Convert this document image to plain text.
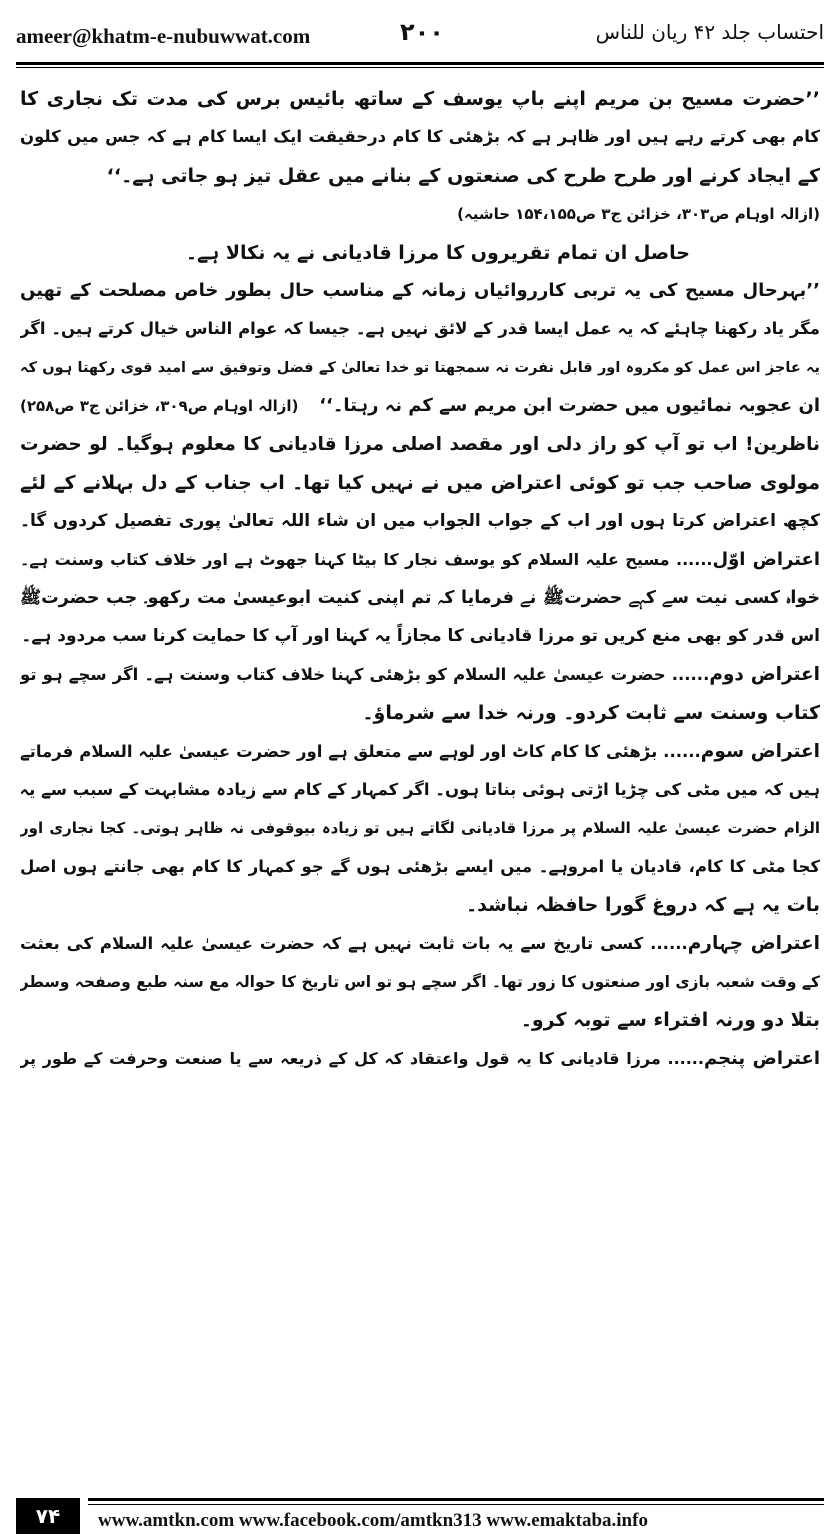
ameer@khatm-e-nubuwwat.com	۲۰۰	احتساب جلد ۴۲ ریان للناس
’’حضرت مسیح بن مریم اپنے باپ یوسف کے ساتھ بائیس برس کی مدت تک نجاری کا
کام بھی کرتے رہے ہیں اور ظاہر ہے کہ بڑھئی کا کام درحقیقت ایک ایسا کام ہے کہ جس میں کلون
کے ایجاد کرنے اور طرح طرح کی صنعتوں کے بنانے میں عقل تیز ہو جاتی ہے۔‘‘
(ازالہ اوہام ص۳۰۳، خزائن ج۳ ص۱۵۴،۱۵۵ حاشیہ)
حاصل ان تمام تقریروں کا مرزا قادیانی نے یہ نکالا ہے۔
’’بہرحال مسیح کی یہ تربی کارروائیاں زمانہ کے مناسب حال بطور خاص مصلحت کے تھیں
مگر یاد رکھنا چاہئے کہ یہ عمل ایسا قدر کے لائق نہیں ہے۔ جیسا کہ عوام الناس خیال کرتے ہیں۔ اگر
یہ عاجز اس عمل کو مکروہ اور قابل نفرت نہ سمجھتا تو خدا تعالیٰ کے فضل وتوفیق سے امید قوی رکھتا ہوں کہ
ان عجوبہ نمائیوں میں حضرت ابن مریم سے کم نہ رہتا۔‘‘
(ازالہ اوہام ص۳۰۹، خزائن ج۳ ص۲۵۸)
ناظرین! اب تو آپ کو راز دلی اور مقصد اصلی مرزا قادیانی کا معلوم ہوگیا۔ لو حضرت
مولوی صاحب جب تو کوئی اعتراض میں نے نہیں کیا تھا۔ اب جناب کے دل بہلانے کے لئے
کچھ اعتراض کرتا ہوں اور اب کے جواب الجواب میں ان شاء اللہ تعالیٰ پوری تفصیل کردوں گا۔
اعتراض اوّل...... مسیح علیہ السلام کو یوسف نجار کا بیٹا کہنا جھوٹ ہے اور خلاف کتاب وسنت ہے۔
خواہ کسی نیت سے کہے حضرتﷺ نے فرمایا کہ تم اپنی کنیت ابوعیسیٰ مت رکھو۔ جب حضرتﷺ
اس قدر کو بھی منع کریں تو مرزا قادیانی کا مجازاً یہ کہنا اور آپ کا حمایت کرنا سب مردود ہے۔
اعتراض دوم...... حضرت عیسیٰ علیہ السلام کو بڑھئی کہنا خلاف کتاب وسنت ہے۔ اگر سچے ہو تو
کتاب وسنت سے ثابت کردو۔ ورنہ خدا سے شرماؤ۔
اعتراض سوم...... بڑھئی کا کام کاٹ اور لوہے سے متعلق ہے اور حضرت عیسیٰ علیہ السلام فرماتے
ہیں کہ میں مٹی کی چڑیا اڑتی ہوئی بناتا ہوں۔ اگر کمہار کے کام سے زیادہ مشابہت کے سبب سے یہ
الزام حضرت عیسیٰ علیہ السلام پر مرزا قادیانی لگاتے ہیں تو زیادہ بیوقوفی نہ ظاہر ہوتی۔ کجا نجاری اور
کجا مٹی کا کام، قادیان یا امروہے۔ میں ایسے بڑھئی ہوں گے جو کمہار کا کام بھی جانتے ہوں اصل
بات یہ ہے کہ دروغ گورا حافظہ نباشد۔
اعتراض چہارم...... کسی تاریخ سے یہ بات ثابت نہیں ہے کہ حضرت عیسیٰ علیہ السلام کی بعثت
کے وقت شعبہ بازی اور صنعتوں کا زور تھا۔ اگر سچے ہو تو اس تاریخ کا حوالہ مع سنہ طبع وصفحہ وسطر
بتلا دو ورنہ افتراء سے توبہ کرو۔
اعتراض پنجم...... مرزا قادیانی کا یہ قول واعتقاد کہ کل کے ذریعہ سے یا صنعت وحرفت کے طور پر
۷۴	www.amtkn.com www.facebook.com/amtkn313 www.emaktaba.info
